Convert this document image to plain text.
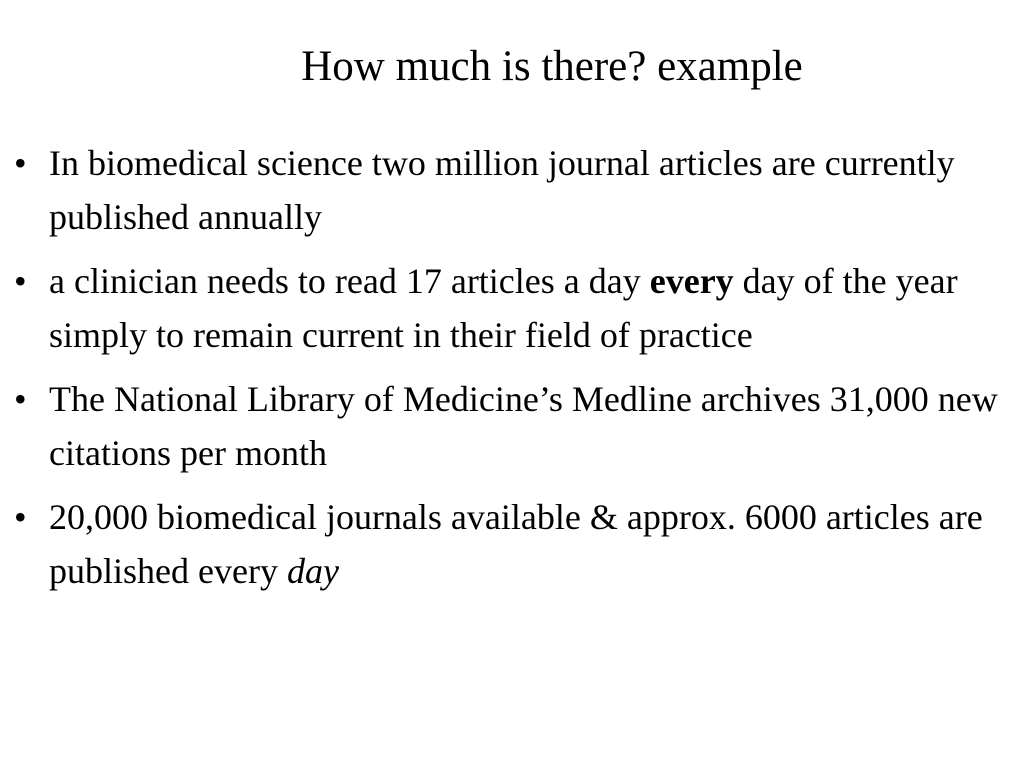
How much is there? example
• In biomedical science two million journal articles are currently published annually
• a clinician needs to read 17 articles a day every day of the year simply to remain current in their field of practice
• The National Library of Medicine’s Medline archives 31,000 new citations per month
• 20,000 biomedical journals available & approx. 6000 articles are published every day
